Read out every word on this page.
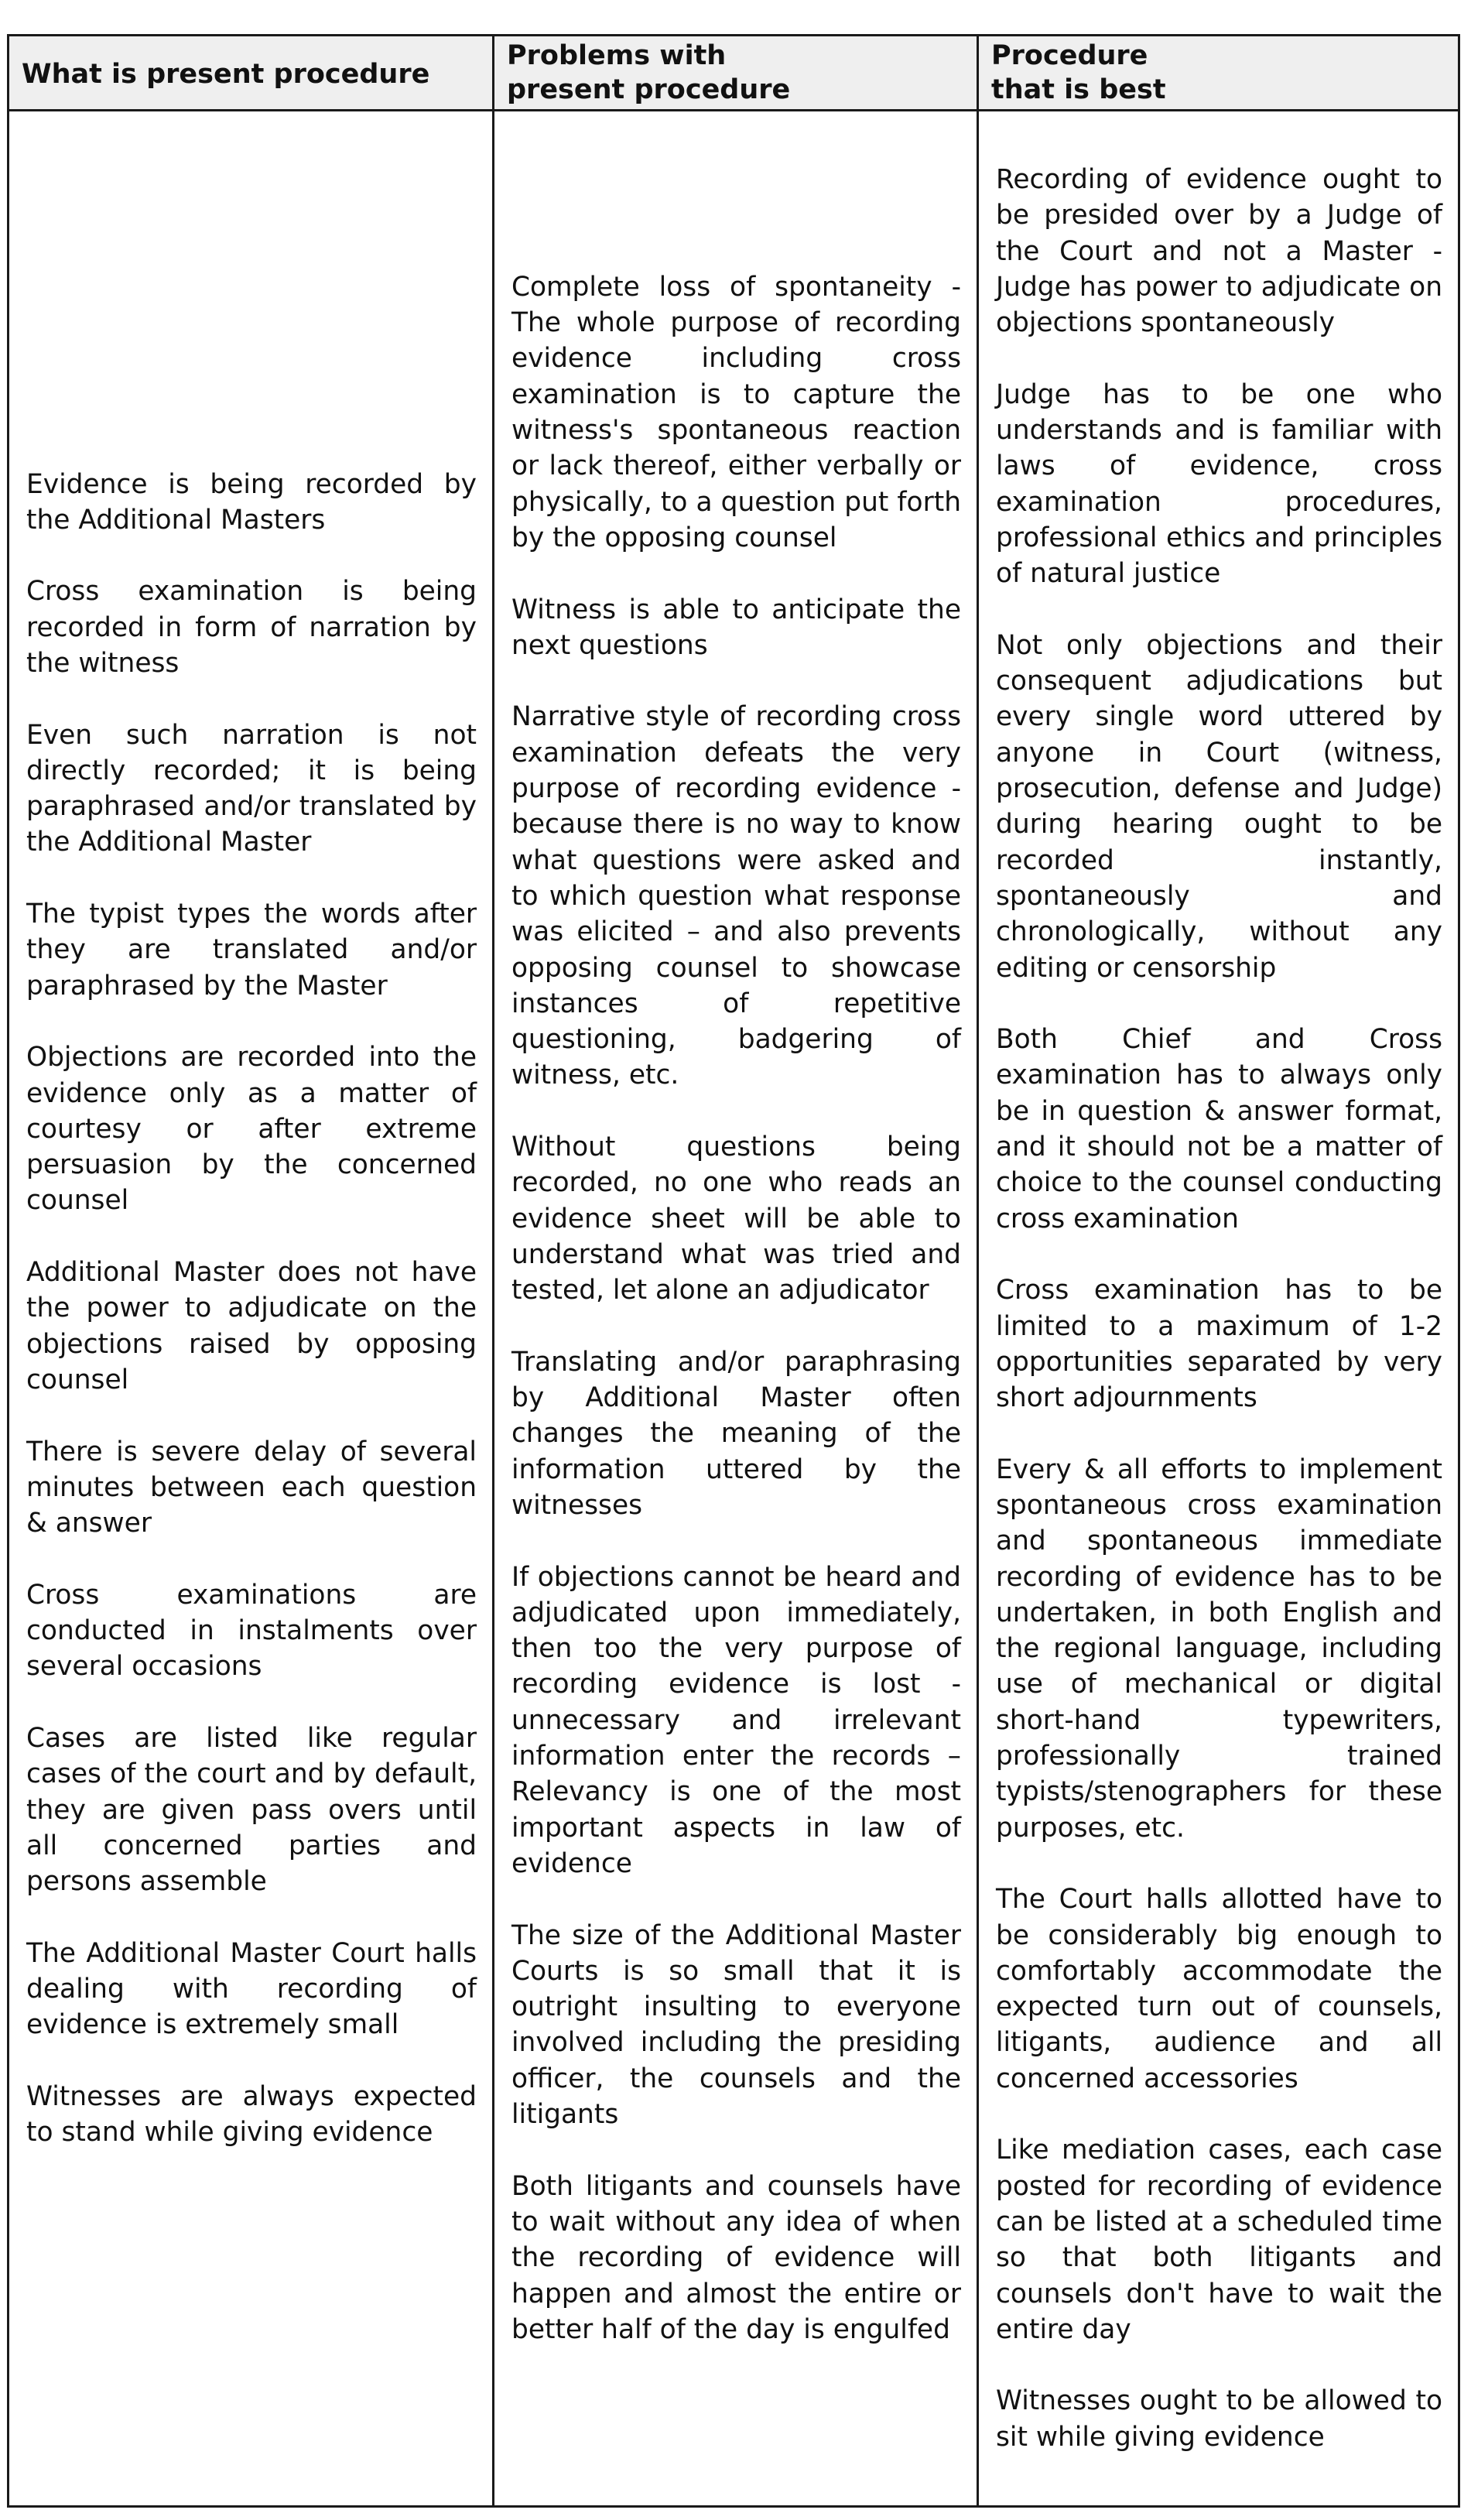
What is present procedure
Problems with
present procedure
Procedure
that is best

Evidence is being recorded by the Additional Masters

Cross examination is being recorded in form of narration by the witness

Even such narration is not directly recorded; it is being paraphrased and/or translated by the Additional Master

The typist types the words after they are translated and/or paraphrased by the Master

Objections are recorded into the evidence only as a matter of courtesy or after extreme persuasion by the concerned counsel

Additional Master does not have the power to adjudicate on the objections raised by opposing counsel

There is severe delay of several minutes between each question & answer

Cross examinations are conducted in instalments over several occasions

Cases are listed like regular cases of the court and by default, they are given pass overs until all concerned parties and persons assemble

The Additional Master Court halls dealing with recording of evidence is extremely small

Witnesses are always expected to stand while giving evidence

Complete loss of spontaneity - The whole purpose of recording evidence including cross examination is to capture the witness's spontaneous reaction or lack thereof, either verbally or physically, to a question put forth by the opposing counsel

Witness is able to anticipate the next questions

Narrative style of recording cross examination defeats the very purpose of recording evidence - because there is no way to know what questions were asked and to which question what response was elicited – and also prevents opposing counsel to showcase instances of repetitive questioning, badgering of witness, etc.

Without questions being recorded, no one who reads an evidence sheet will be able to understand what was tried and tested, let alone an adjudicator

Translating and/or paraphrasing by Additional Master often changes the meaning of the information uttered by the witnesses

If objections cannot be heard and adjudicated upon immediately, then too the very purpose of recording evidence is lost - unnecessary and irrelevant information enter the records – Relevancy is one of the most important aspects in law of evidence

The size of the Additional Master Courts is so small that it is outright insulting to everyone involved including the presiding officer, the counsels and the litigants

Both litigants and counsels have to wait without any idea of when the recording of evidence will happen and almost the entire or better half of the day is engulfed

Recording of evidence ought to be presided over by a Judge of the Court and not a Master - Judge has power to adjudicate on objections spontaneously

Judge has to be one who understands and is familiar with laws of evidence, cross examination procedures, professional ethics and principles of natural justice

Not only objections and their consequent adjudications but every single word uttered by anyone in Court (witness, prosecution, defense and Judge) during hearing ought to be recorded instantly, spontaneously and chronologically, without any editing or censorship

Both Chief and Cross examination has to always only be in question & answer format, and it should not be a matter of choice to the counsel conducting cross examination

Cross examination has to be limited to a maximum of 1-2 opportunities separated by very short adjournments

Every & all efforts to implement spontaneous cross examination and spontaneous immediate recording of evidence has to be undertaken, in both English and the regional language, including use of mechanical or digital short-hand typewriters, professionally trained typists/stenographers for these purposes, etc.

The Court halls allotted have to be considerably big enough to comfortably accommodate the expected turn out of counsels, litigants, audience and all concerned accessories

Like mediation cases, each case posted for recording of evidence can be listed at a scheduled time so that both litigants and counsels don't have to wait the entire day

Witnesses ought to be allowed to sit while giving evidence
